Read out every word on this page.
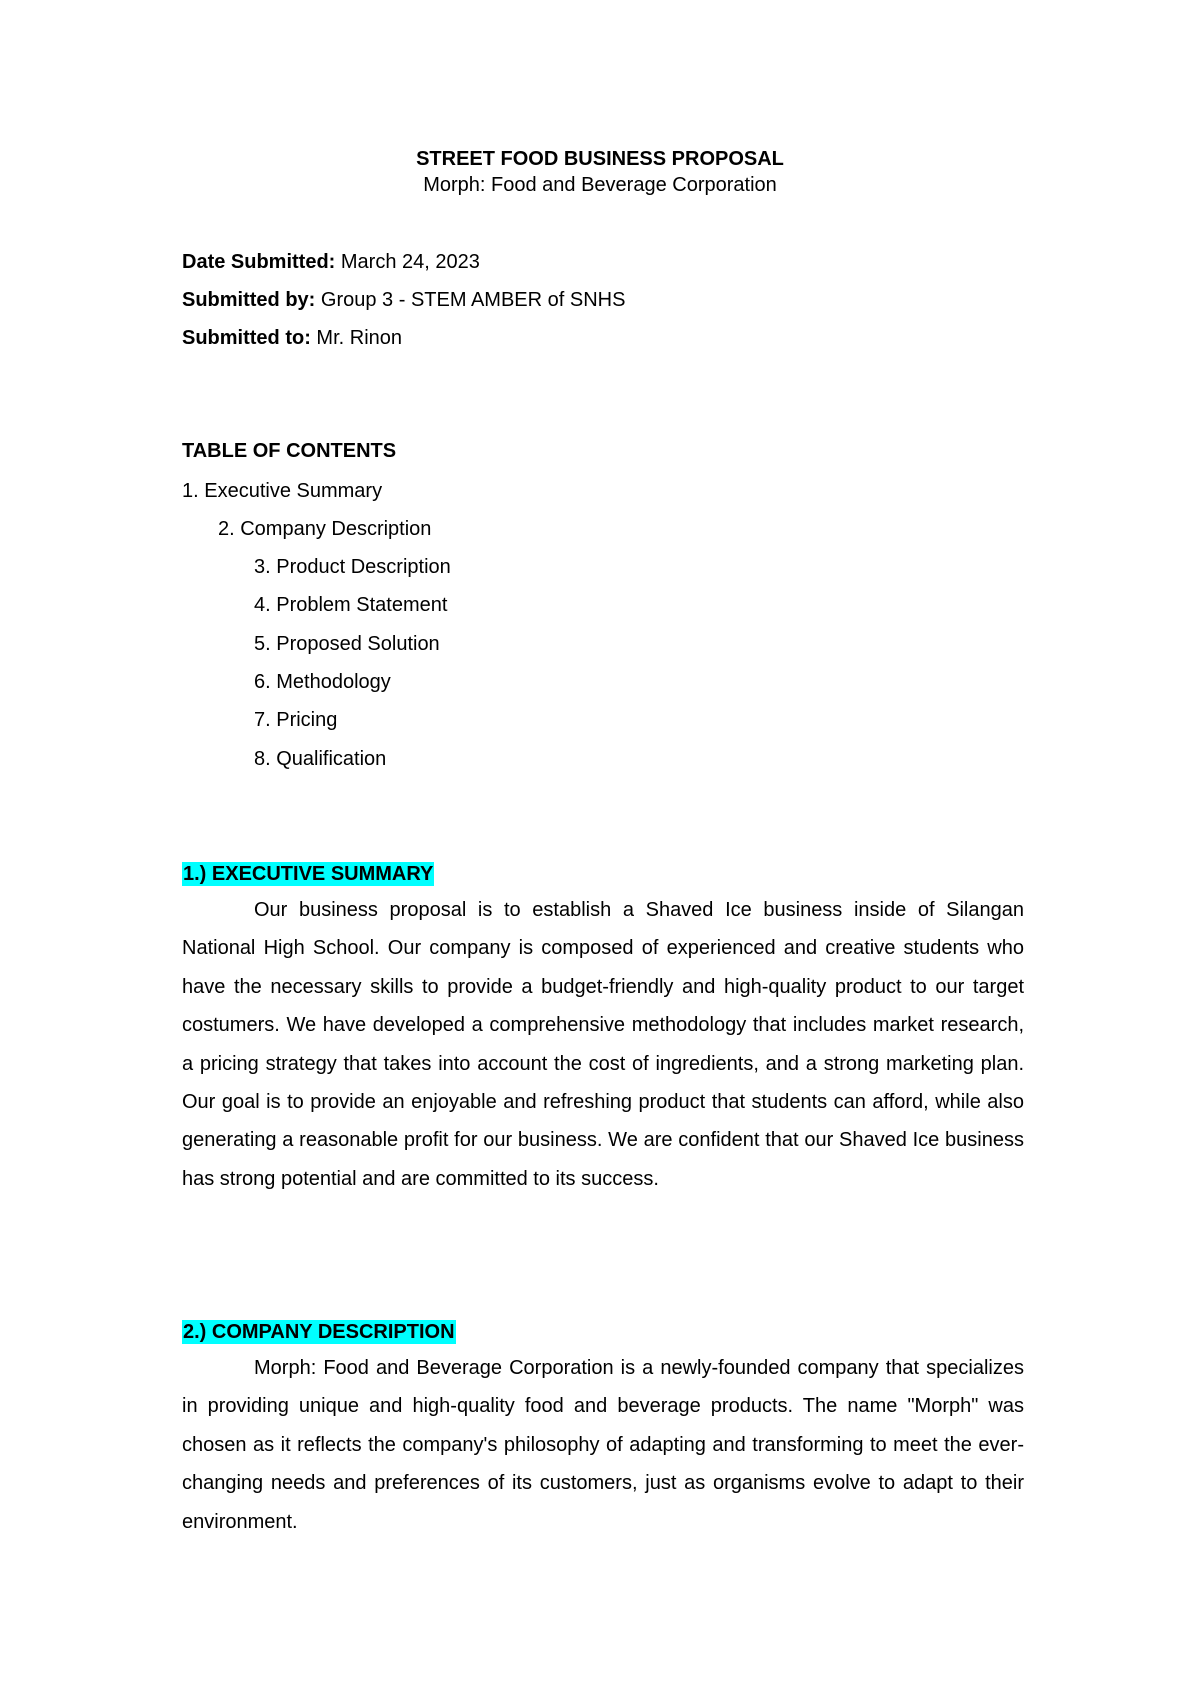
STREET FOOD BUSINESS PROPOSAL
Morph: Food and Beverage Corporation
Date Submitted: March 24, 2023
Submitted by: Group 3 - STEM AMBER of SNHS
Submitted to: Mr. Rinon
TABLE OF CONTENTS
1. Executive Summary
2. Company Description
3. Product Description
4. Problem Statement
5. Proposed Solution
6. Methodology
7. Pricing
8. Qualification
1.) EXECUTIVE SUMMARY

Our business proposal is to establish a Shaved Ice business inside of Silangan National High School. Our company is composed of experienced and creative students who have the necessary skills to provide a budget-friendly and high-quality product to our target costumers. We have developed a comprehensive methodology that includes market research, a pricing strategy that takes into account the cost of ingredients, and a strong marketing plan. Our goal is to provide an enjoyable and refreshing product that students can afford, while also generating a reasonable profit for our business. We are confident that our Shaved Ice business has strong potential and are committed to its success.

2.) COMPANY DESCRIPTION

Morph: Food and Beverage Corporation is a newly-founded company that specializes in providing unique and high-quality food and beverage products. The name "Morph" was chosen as it reflects the company's philosophy of adapting and transforming to meet the ever-changing needs and preferences of its customers, just as organisms evolve to adapt to their environment.
